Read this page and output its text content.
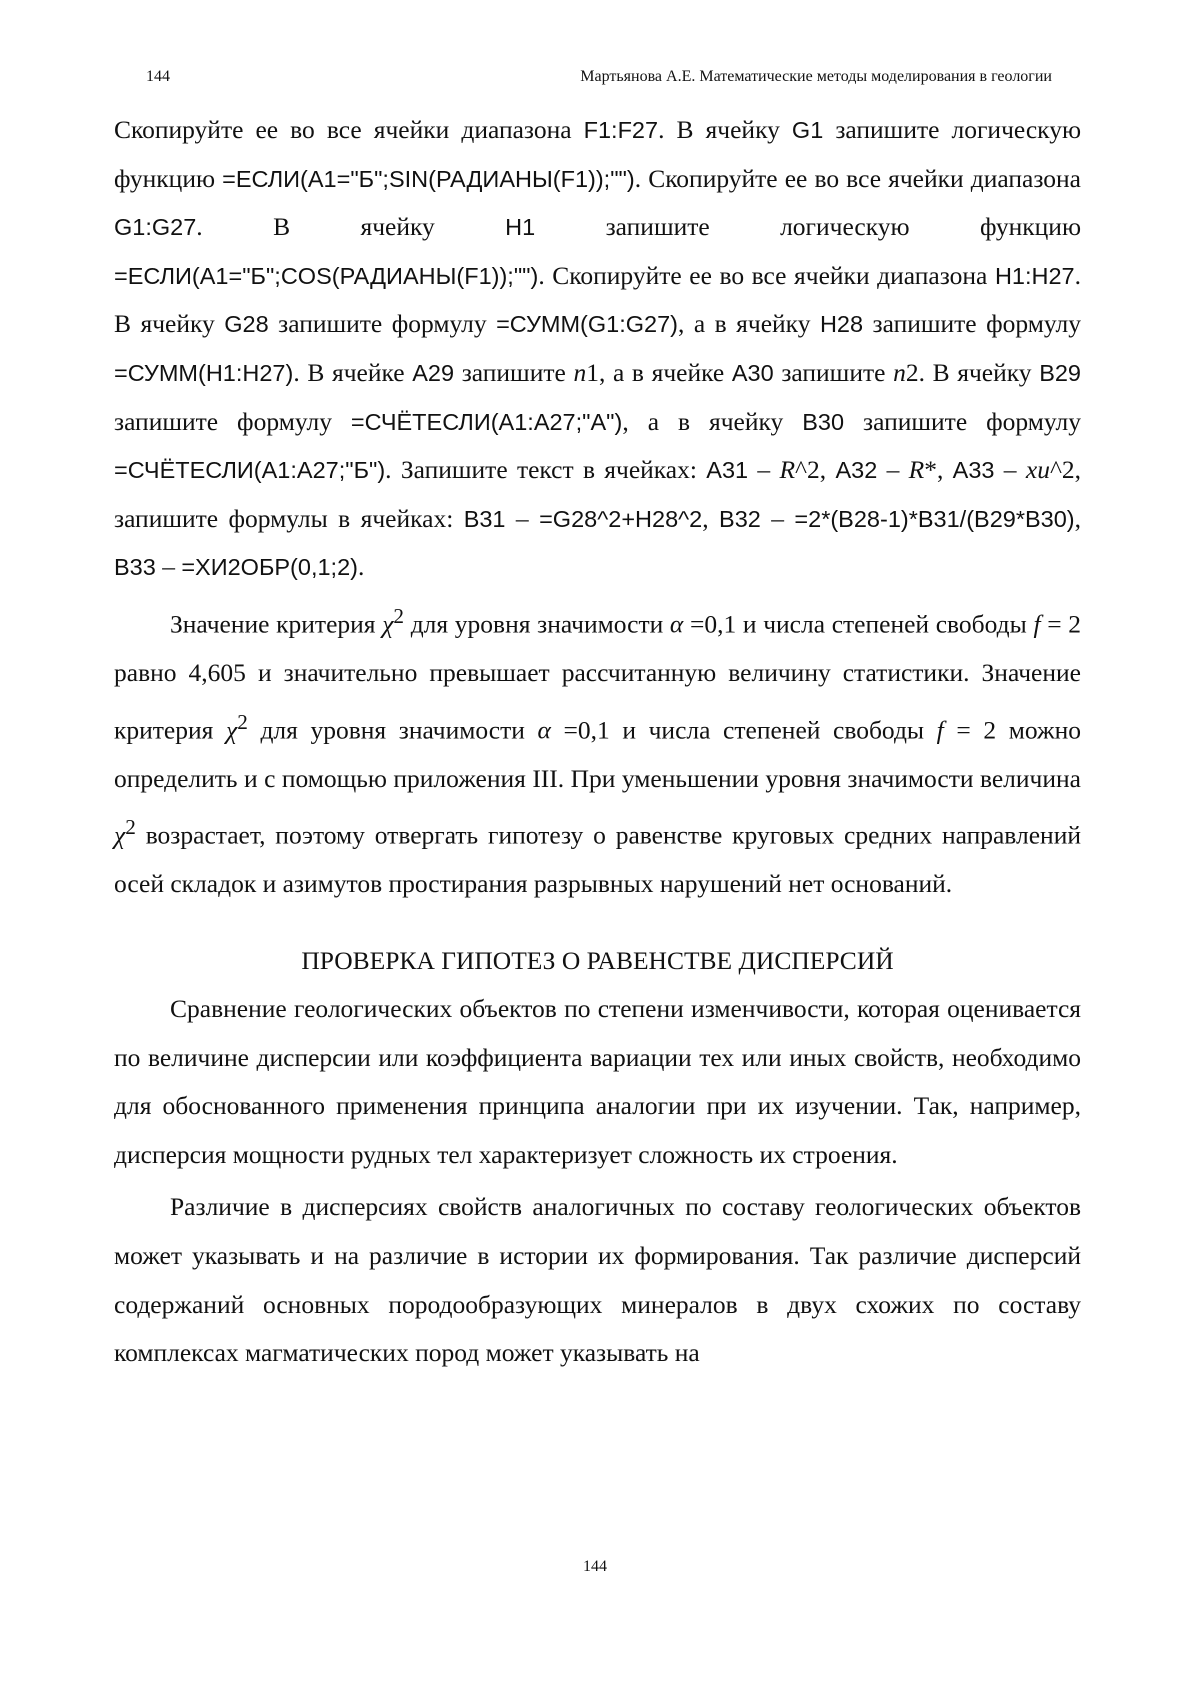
144	Мартьянова А.Е. Математические методы моделирования в геологии

Скопируйте ее во все ячейки диапазона F1:F27. В ячейку G1 запишите логическую функцию =ЕСЛИ(A1="Б";SIN(РАДИАНЫ(F1));""). Скопируйте ее во все ячейки диапазона G1:G27. В ячейку H1 запишите логическую функцию =ЕСЛИ(A1="Б";COS(РАДИАНЫ(F1));""). Скопируйте ее во все ячейки диапазона H1:H27. В ячейку G28 запишите формулу =СУММ(G1:G27), а в ячейку H28 запишите формулу =СУММ(H1:H27). В ячейке A29 запишите n1, а в ячейке A30 запишите n2. В ячейку B29 запишите формулу =СЧЁТЕСЛИ(A1:A27;"A"), а в ячейку B30 запишите формулу =СЧЁТЕСЛИ(A1:A27;"Б"). Запишите текст в ячейках: A31 – R^2, A32 – R*, A33 – xu^2, запишите формулы в ячейках: B31 – =G28^2+H28^2, B32 – =2*(B28-1)*B31/(B29*B30), B33 – =ХИ2ОБР(0,1;2).

Значение критерия $\chi^2$ для уровня значимости α =0,1 и числа степеней свободы f = 2 равно 4,605 и значительно превышает рассчитанную величину статистики. Значение критерия $\chi^2$ для уровня значимости α =0,1 и числа степеней свободы f = 2 можно определить и с помощью приложения III. При уменьшении уровня значимости величина $\chi^2$ возрастает, поэтому отвергать гипотезу о равенстве круговых средних направлений осей складок и азимутов простирания разрывных нарушений нет оснований.

ПРОВЕРКА ГИПОТЕЗ О РАВЕНСТВЕ ДИСПЕРСИЙ

Сравнение геологических объектов по степени изменчивости, которая оценивается по величине дисперсии или коэффициента вариации тех или иных свойств, необходимо для обоснованного применения принципа аналогии при их изучении. Так, например, дисперсия мощности рудных тел характеризует сложность их строения.

Различие в дисперсиях свойств аналогичных по составу геологических объектов может указывать и на различие в истории их формирования. Так различие дисперсий содержаний основных породообразующих минералов в двух схожих по составу комплексах магматических пород может указывать на

144
